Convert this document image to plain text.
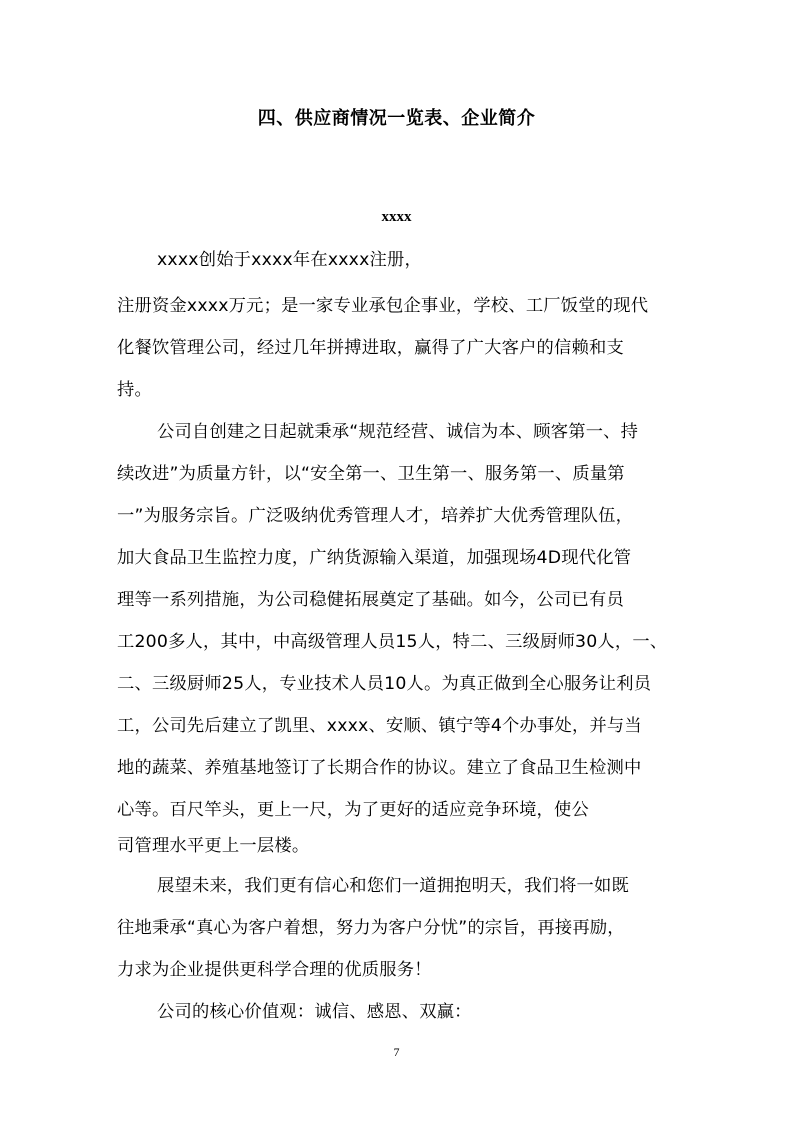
四、供应商情况一览表、企业简介
xxxx
xxxx创始于xxxx年在xxxx注册，
注册资金xxxx万元；是一家专业承包企事业，学校、工厂饭堂的现代
化餐饮管理公司，经过几年拼搏进取，赢得了广大客户的信赖和支
持。
公司自创建之日起就秉承“规范经营、诚信为本、顾客第一、持
续改进”为质量方针，以“安全第一、卫生第一、服务第一、质量第
一”为服务宗旨。广泛吸纳优秀管理人才，培养扩大优秀管理队伍，
加大食品卫生监控力度，广纳货源输入渠道，加强现场4D现代化管
理等一系列措施，为公司稳健拓展奠定了基础。如今，公司已有员
工200多人，其中，中高级管理人员15人，特二、三级厨师30人，一、
二、三级厨师25人，专业技术人员10人。为真正做到全心服务让利员
工，公司先后建立了凯里、xxxx、安顺、镇宁等4个办事处，并与当
地的蔬菜、养殖基地签订了长期合作的协议。建立了食品卫生检测中
心等。百尺竿头，更上一尺，为了更好的适应竞争环境，使公
司管理水平更上一层楼。
展望未来，我们更有信心和您们一道拥抱明天，我们将一如既
往地秉承“真心为客户着想，努力为客户分忧”的宗旨，再接再励，
力求为企业提供更科学合理的优质服务！
公司的核心价值观：诚信、感恩、双赢：
7
